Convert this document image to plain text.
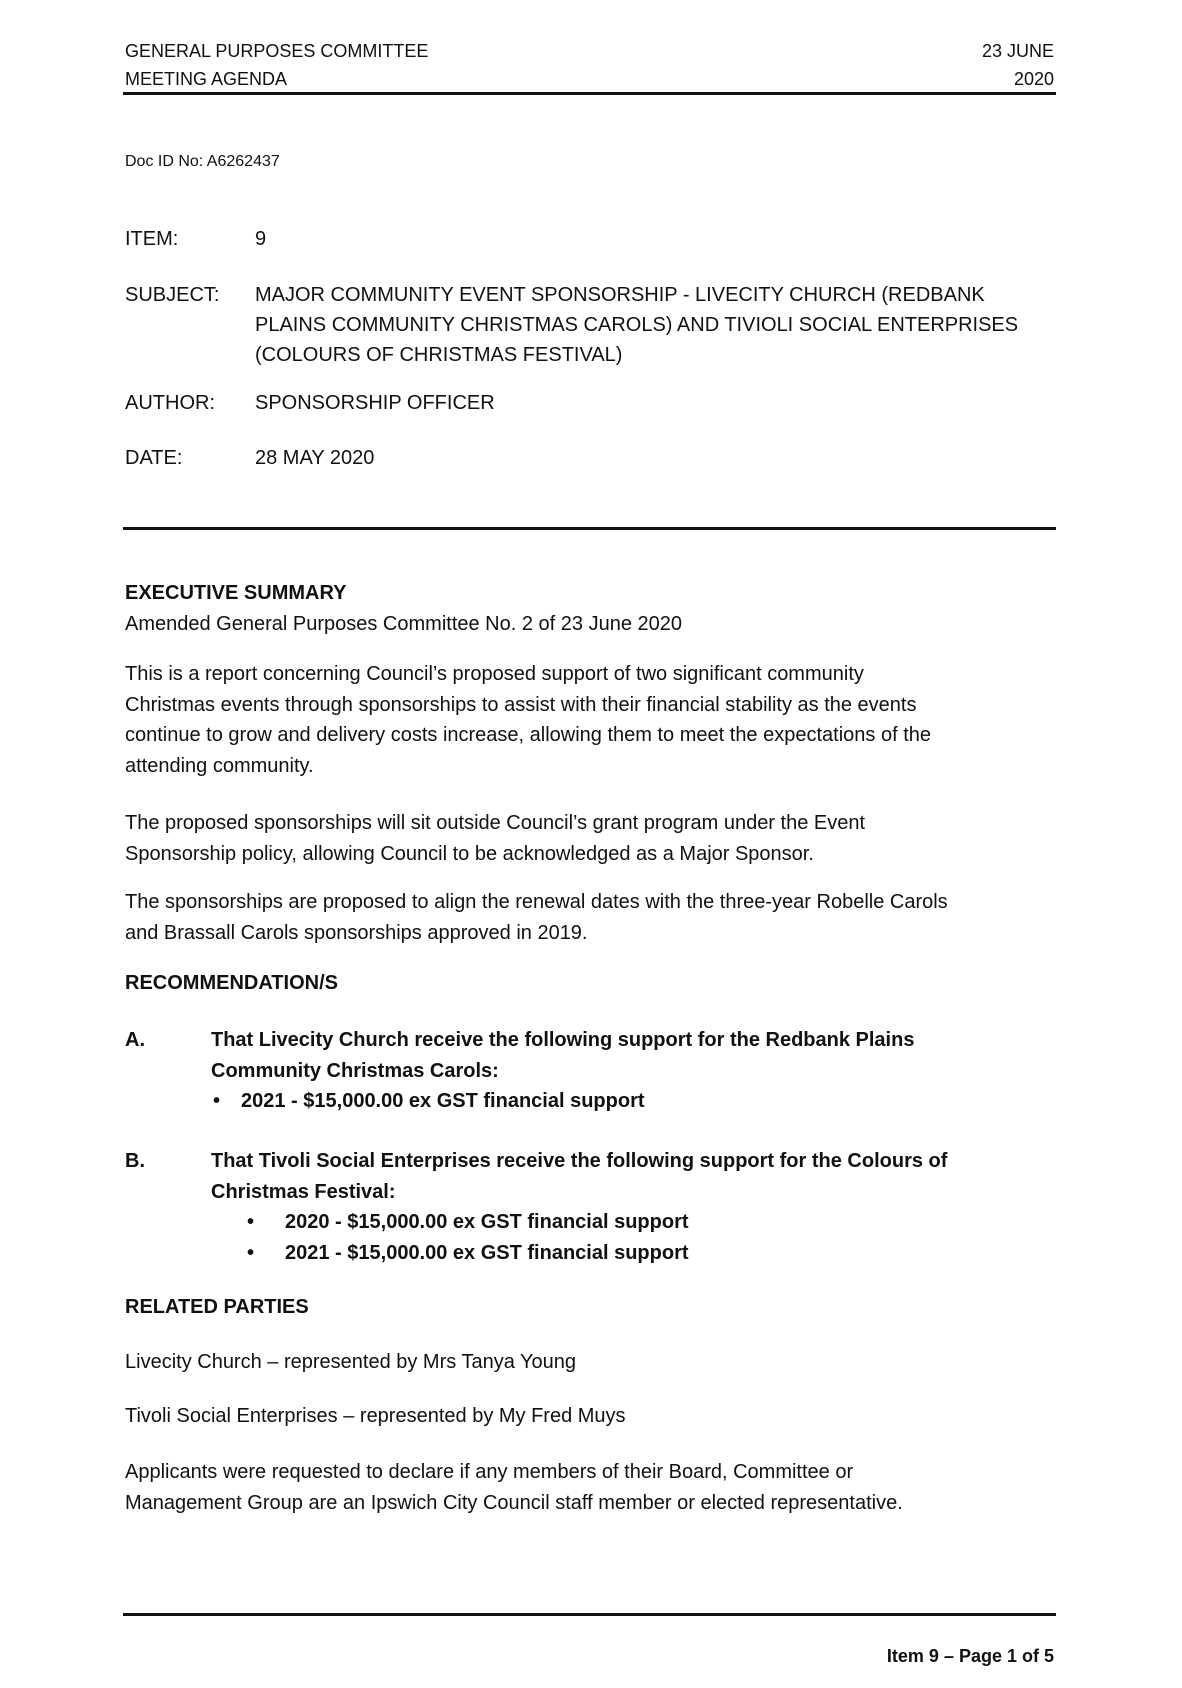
GENERAL PURPOSES COMMITTEE
MEETING AGENDA
23 JUNE
2020
Doc ID No: A6262437
ITEM:	9
SUBJECT:	MAJOR COMMUNITY EVENT SPONSORSHIP - LIVECITY CHURCH (REDBANK
PLAINS COMMUNITY CHRISTMAS CAROLS) AND TIVIOLI SOCIAL ENTERPRISES
(COLOURS OF CHRISTMAS FESTIVAL)
AUTHOR:	SPONSORSHIP OFFICER
DATE:	28 MAY 2020

EXECUTIVE SUMMARY

Amended General Purposes Committee No. 2 of 23 June 2020

This is a report concerning Council’s proposed support of two significant community

Christmas events through sponsorships to assist with their financial stability as the events

continue to grow and delivery costs increase, allowing them to meet the expectations of the

attending community.

The proposed sponsorships will sit outside Council’s grant program under the Event

Sponsorship policy, allowing Council to be acknowledged as a Major Sponsor.

The sponsorships are proposed to align the renewal dates with the three-year Robelle Carols

and Brassall Carols sponsorships approved in 2019.

RECOMMENDATION/S
A.	That Livecity Church receive the following support for the Redbank Plains
Community Christmas Carols:
• 2021 - $15,000.00 ex GST financial support
B.	That Tivoli Social Enterprises receive the following support for the Colours of
Christmas Festival:
• 2020 - $15,000.00 ex GST financial support
• 2021 - $15,000.00 ex GST financial support
RELATED PARTIES
Livecity Church – represented by Mrs Tanya Young
Tivoli Social Enterprises – represented by My Fred Muys

Applicants were requested to declare if any members of their Board, Committee or

Management Group are an Ipswich City Council staff member or elected representative.

Item 9 – Page 1 of 5
